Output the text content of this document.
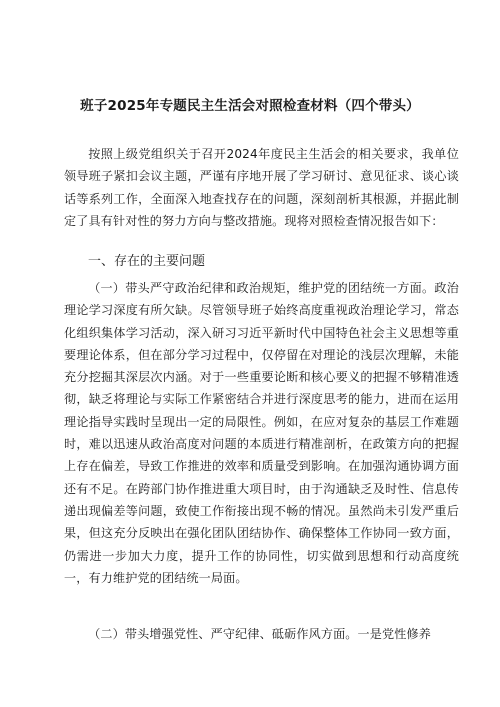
班子2025年专题民主生活会对照检查材料（四个带头）

按照上级党组织关于召开2024年度民主生活会的相关要求，我单位领导班子紧扣会议主题，严谨有序地开展了学习研讨、意见征求、谈心谈话等系列工作，全面深入地查找存在的问题，深刻剖析其根源，并据此制定了具有针对性的努力方向与整改措施。现将对照检查情况报告如下：

一、存在的主要问题

（一）带头严守政治纪律和政治规矩，维护党的团结统一方面。政治理论学习深度有所欠缺。尽管领导班子始终高度重视政治理论学习，常态化组织集体学习活动，深入研习习近平新时代中国特色社会主义思想等重要理论体系，但在部分学习过程中，仅停留在对理论的浅层次理解，未能充分挖掘其深层次内涵。对于一些重要论断和核心要义的把握不够精准透彻，缺乏将理论与实际工作紧密结合并进行深度思考的能力，进而在运用理论指导实践时呈现出一定的局限性。例如，在应对复杂的基层工作难题时，难以迅速从政治高度对问题的本质进行精准剖析，在政策方向的把握上存在偏差，导致工作推进的效率和质量受到影响。在加强沟通协调方面还有不足。在跨部门协作推进重大项目时，由于沟通缺乏及时性、信息传递出现偏差等问题，致使工作衔接出现不畅的情况。虽然尚未引发严重后果，但这充分反映出在强化团队团结协作、确保整体工作协同一致方面，仍需进一步加大力度，提升工作的协同性，切实做到思想和行动高度统一，有力维护党的团结统一局面。

（二）带头增强党性、严守纪律、砥砺作风方面。一是党性修养
